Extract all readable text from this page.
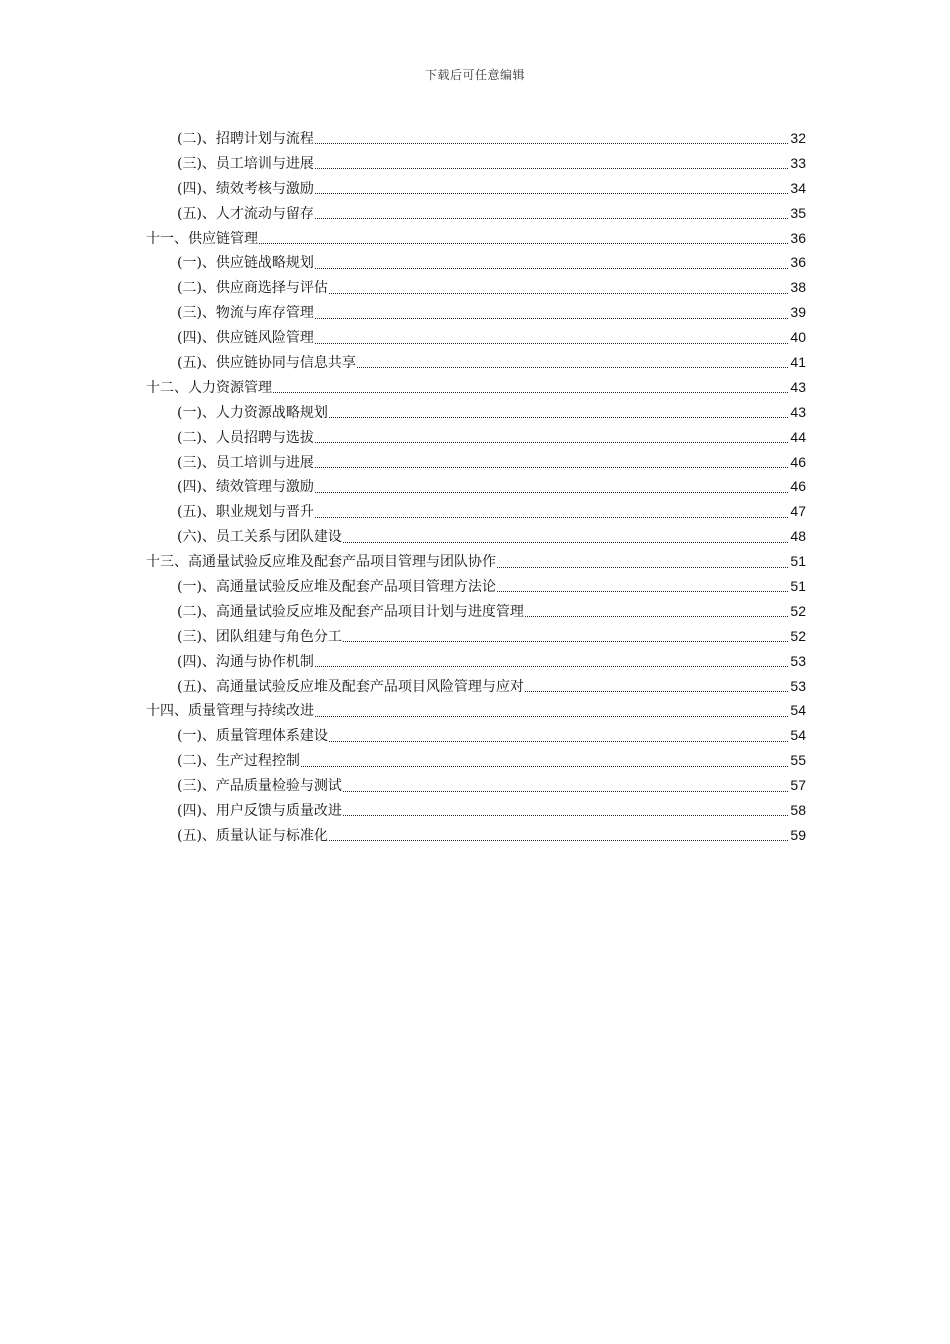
下载后可任意编辑
(二)、招聘计划与流程	32
(三)、员工培训与进展	33
(四)、绩效考核与激励	34
(五)、人才流动与留存	35
十一、供应链管理	36
(一)、供应链战略规划	36
(二)、供应商选择与评估	38
(三)、物流与库存管理	39
(四)、供应链风险管理	40
(五)、供应链协同与信息共享	41
十二、人力资源管理	43
(一)、人力资源战略规划	43
(二)、人员招聘与选拔	44
(三)、员工培训与进展	46
(四)、绩效管理与激励	46
(五)、职业规划与晋升	47
(六)、员工关系与团队建设	48
十三、高通量试验反应堆及配套产品项目管理与团队协作	51
(一)、高通量试验反应堆及配套产品项目管理方法论	51
(二)、高通量试验反应堆及配套产品项目计划与进度管理	52
(三)、团队组建与角色分工	52
(四)、沟通与协作机制	53
(五)、高通量试验反应堆及配套产品项目风险管理与应对	53
十四、质量管理与持续改进	54
(一)、质量管理体系建设	54
(二)、生产过程控制	55
(三)、产品质量检验与测试	57
(四)、用户反馈与质量改进	58
(五)、质量认证与标准化	59
